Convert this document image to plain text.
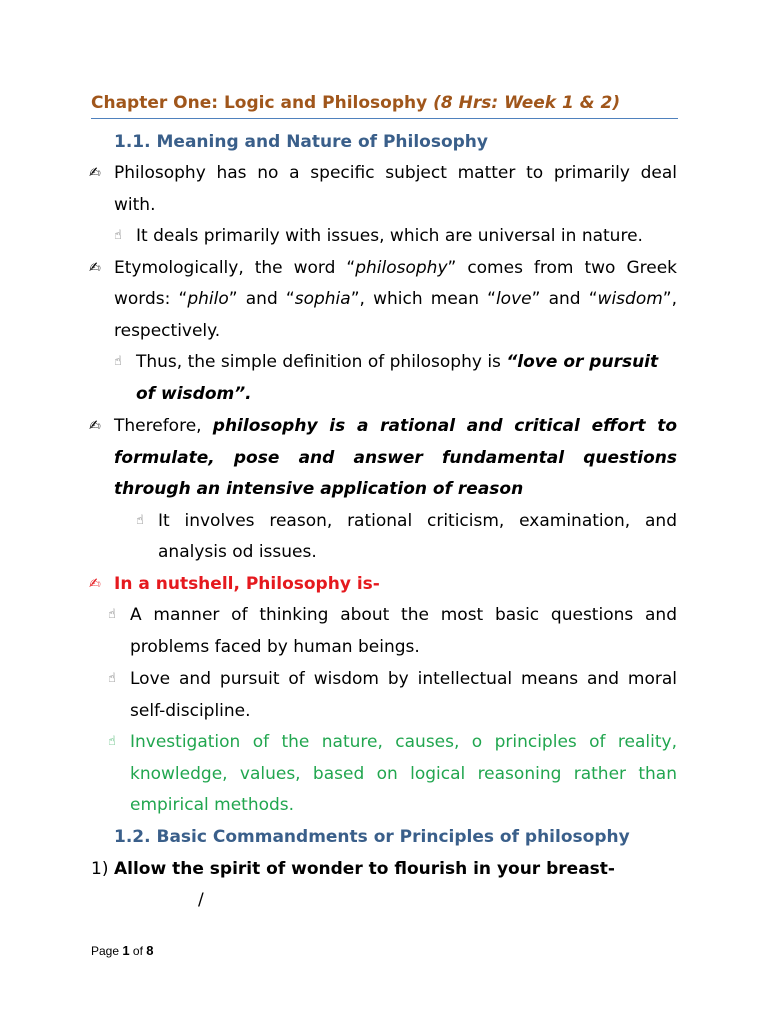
Chapter One: Logic and Philosophy (8 Hrs: Week 1 & 2)
1.1. Meaning and Nature of Philosophy
✍ Philosophy has no a specific subject matter to primarily deal
with.
☝ It deals primarily with issues, which are universal in nature.
✍ Etymologically, the word “philosophy” comes from two Greek
words: “philo” and “sophia”, which mean “love” and “wisdom”,
respectively.
☝ Thus, the simple definition of philosophy is “love or pursuit
of wisdom”.
✍ Therefore, philosophy is a rational and critical effort to
formulate, pose and answer fundamental questions
through an intensive application of reason
☝ It involves reason, rational criticism, examination, and
analysis od issues.
✍ In a nutshell, Philosophy is-
☝ A manner of thinking about the most basic questions and
problems faced by human beings.
☝ Love and pursuit of wisdom by intellectual means and moral
self-discipline.
☝ Investigation of the nature, causes, o principles of reality,
knowledge, values, based on logical reasoning rather than
empirical methods.
1.2. Basic Commandments or Principles of philosophy
1) Allow the spirit of wonder to flourish in your breast-
/
Page 1 of 8
